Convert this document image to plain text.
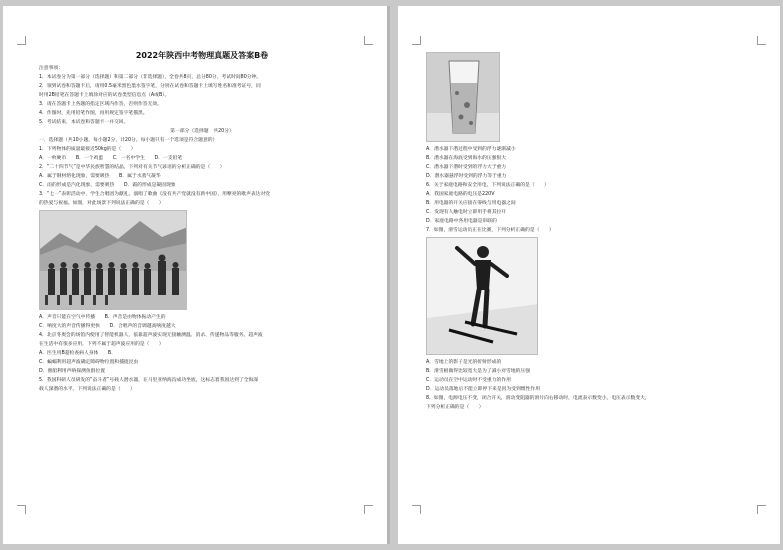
2022年陕西中考物理真题及答案B卷
注意事项：
1．本试卷分为第一部分（选择题）和第二部分（非选择题），全卷共8页，总分80分，考试时间80分钟。
2．领到试卷和答题卡后，请用0.5毫米黑色墨水签字笔，分别在试卷和答题卡上填写姓名和准考证号，同
时用2B铅笔在答题卡上填涂对应的试卷类型信息点（A或B）。
3．请在答题卡上各题的指定区域内作答，否则作答无效。
4．作图时，先用铅笔作图，再用规定签字笔描黑。
5．考试结束，本试卷和答题卡一并交回。
第一部分（选择题　共20分）
一、选择题（共10小题，每小题2分，计20分。每小题只有一个选项是符合题意的）
1．下列物体的质量最接近50kg的是（　　）
A．一枚硬币　　B．一个鸡蛋　　C．一名中学生　　D．一支铅笔
2．“二十四节气”是中华民族智慧的结晶，下列对有关节气谚语的分析正确的是（　　）
A．属于钢材熔化现象，需要吸热　　B．属于水蒸气凝华
C．雨的形成是汽化现象，需要吸热　　D．霜的形成是凝固现象
3．“七一”表彰活动中，学生合唱团为献礼，演唱了歌曲《没有共产党就没有新中国》，用嘹亮的歌声表达对党
的热爱与祝福。如图，对此场景下列说法正确的是（　　）
A．声音只能在空气中传播　　B．声音是由物体振动产生的
C．响度大的声音传播得更快　　D．合唱声的音调越高响度越大
4．北京冬奥会的场馆内使用了智能机器人，依靠超声波实现无接触测温、消杀、传递物品等服务。超声波
在生活中有很多应用，下列不属于超声波应用的是（　　）
A．医生用B超检查病人身体　　B．
C．蝙蝠利用超声波确定障碍物位置和捕捉昆虫
D．渔船利用声呐探测鱼群位置
5．我国科研人员研发的“奋斗者”号载人潜水器，在马里亚纳海沟成功坐底，这标志着我国达到了全海深
载人深潜的水平。下列说法正确的是（　　）
A．潜水器下潜过程中受到的浮力逐渐减小
B．潜水器在海底受到海水的压强很大
C．潜水器下潜时受到的浮力大于重力
D．潜水器悬浮时受到的浮力等于重力
6．关于家庭电路和安全用电，下列说法正确的是（　　）
A．我国家庭电路的电压是220V
B．用电器的开关应接在零线与用电器之间
C．发现有人触电时立即用手将其拉开
D．家庭电路中各用电器是串联的
7．如图，滑雪运动员正在比赛，下列分析正确的是（　　）
A．雪地上的影子是光的折射形成的
B．滑雪板做得比较宽大是为了减小对雪地的压强
C．运动员在空中运动时不受重力的作用
D．运动员落地后不能立即停下来是因为受到惯性作用
8．如图，电源电压不变，闭合开关，滑动变阻器的滑片向右移动时，电流表示数变小，电压表示数变大，
下列分析正确的是（　　）
